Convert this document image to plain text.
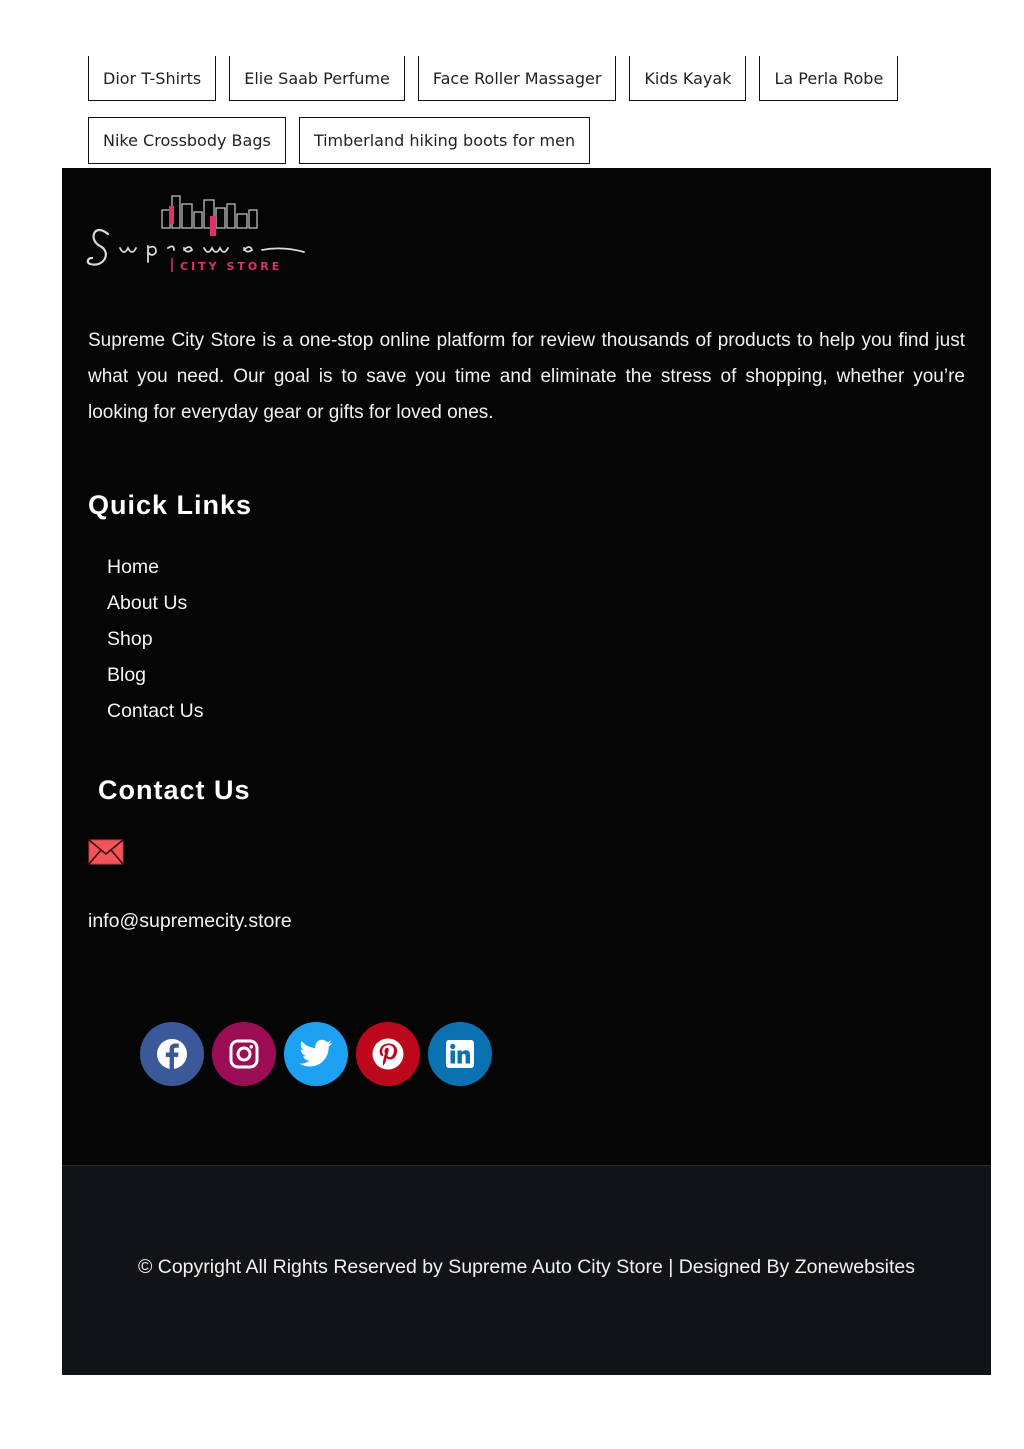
Dior T-Shirts	Elie Saab Perfume	Face Roller Massager	Kids Kayak	La Perla Robe
Nike Crossbody Bags	Timberland hiking boots for men
CITY STORE

Supreme City Store is a one-stop online platform for review thousands of products to help you find just what you need. Our goal is to save you time and eliminate the stress of shopping, whether you’re looking for everyday gear or gifts for loved ones.

Quick Links
Home
About Us
Shop
Blog
Contact Us
Contact Us
info@supremecity.store
© Copyright All Rights Reserved by Supreme Auto City Store | Designed By Zonewebsites
